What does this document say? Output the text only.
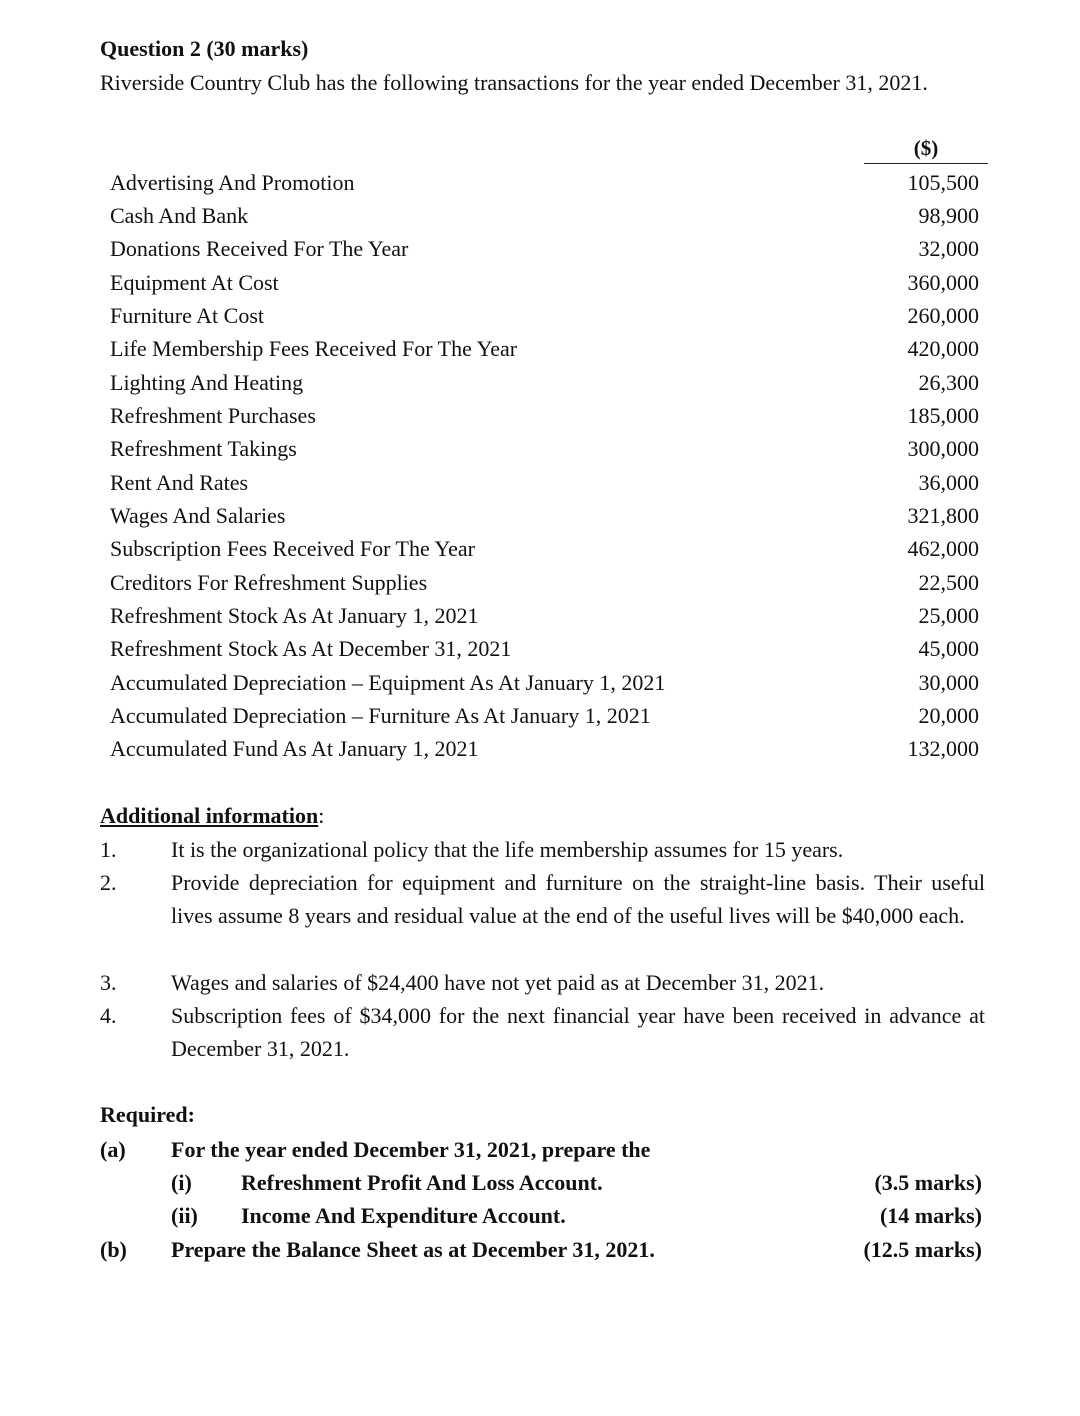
Question 2 (30 marks)
Riverside Country Club has the following transactions for the year ended December 31, 2021.
($)
Advertising And Promotion	105,500
Cash And Bank	98,900
Donations Received For The Year	32,000
Equipment At Cost	360,000
Furniture At Cost	260,000
Life Membership Fees Received For The Year	420,000
Lighting And Heating	26,300
Refreshment Purchases	185,000
Refreshment Takings	300,000
Rent And Rates	36,000
Wages And Salaries	321,800
Subscription Fees Received For The Year	462,000
Creditors For Refreshment Supplies	22,500
Refreshment Stock As At January 1, 2021	25,000
Refreshment Stock As At December 31, 2021	45,000
Accumulated Depreciation – Equipment As At January 1, 2021	30,000
Accumulated Depreciation – Furniture As At January 1, 2021	20,000
Accumulated Fund As At January 1, 2021	132,000
Additional information:
1. It is the organizational policy that the life membership assumes for 15 years.
2. Provide depreciation for equipment and furniture on the straight-line basis. Their useful lives assume 8 years and residual value at the end of the useful lives will be $40,000 each.
3. Wages and salaries of $24,400 have not yet paid as at December 31, 2021.
4. Subscription fees of $34,000 for the next financial year have been received in advance at December 31, 2021.
Required:
(a) For the year ended December 31, 2021, prepare the
(i) Refreshment Profit And Loss Account.	(3.5 marks)
(ii) Income And Expenditure Account.	(14 marks)
(b) Prepare the Balance Sheet as at December 31, 2021.	(12.5 marks)
